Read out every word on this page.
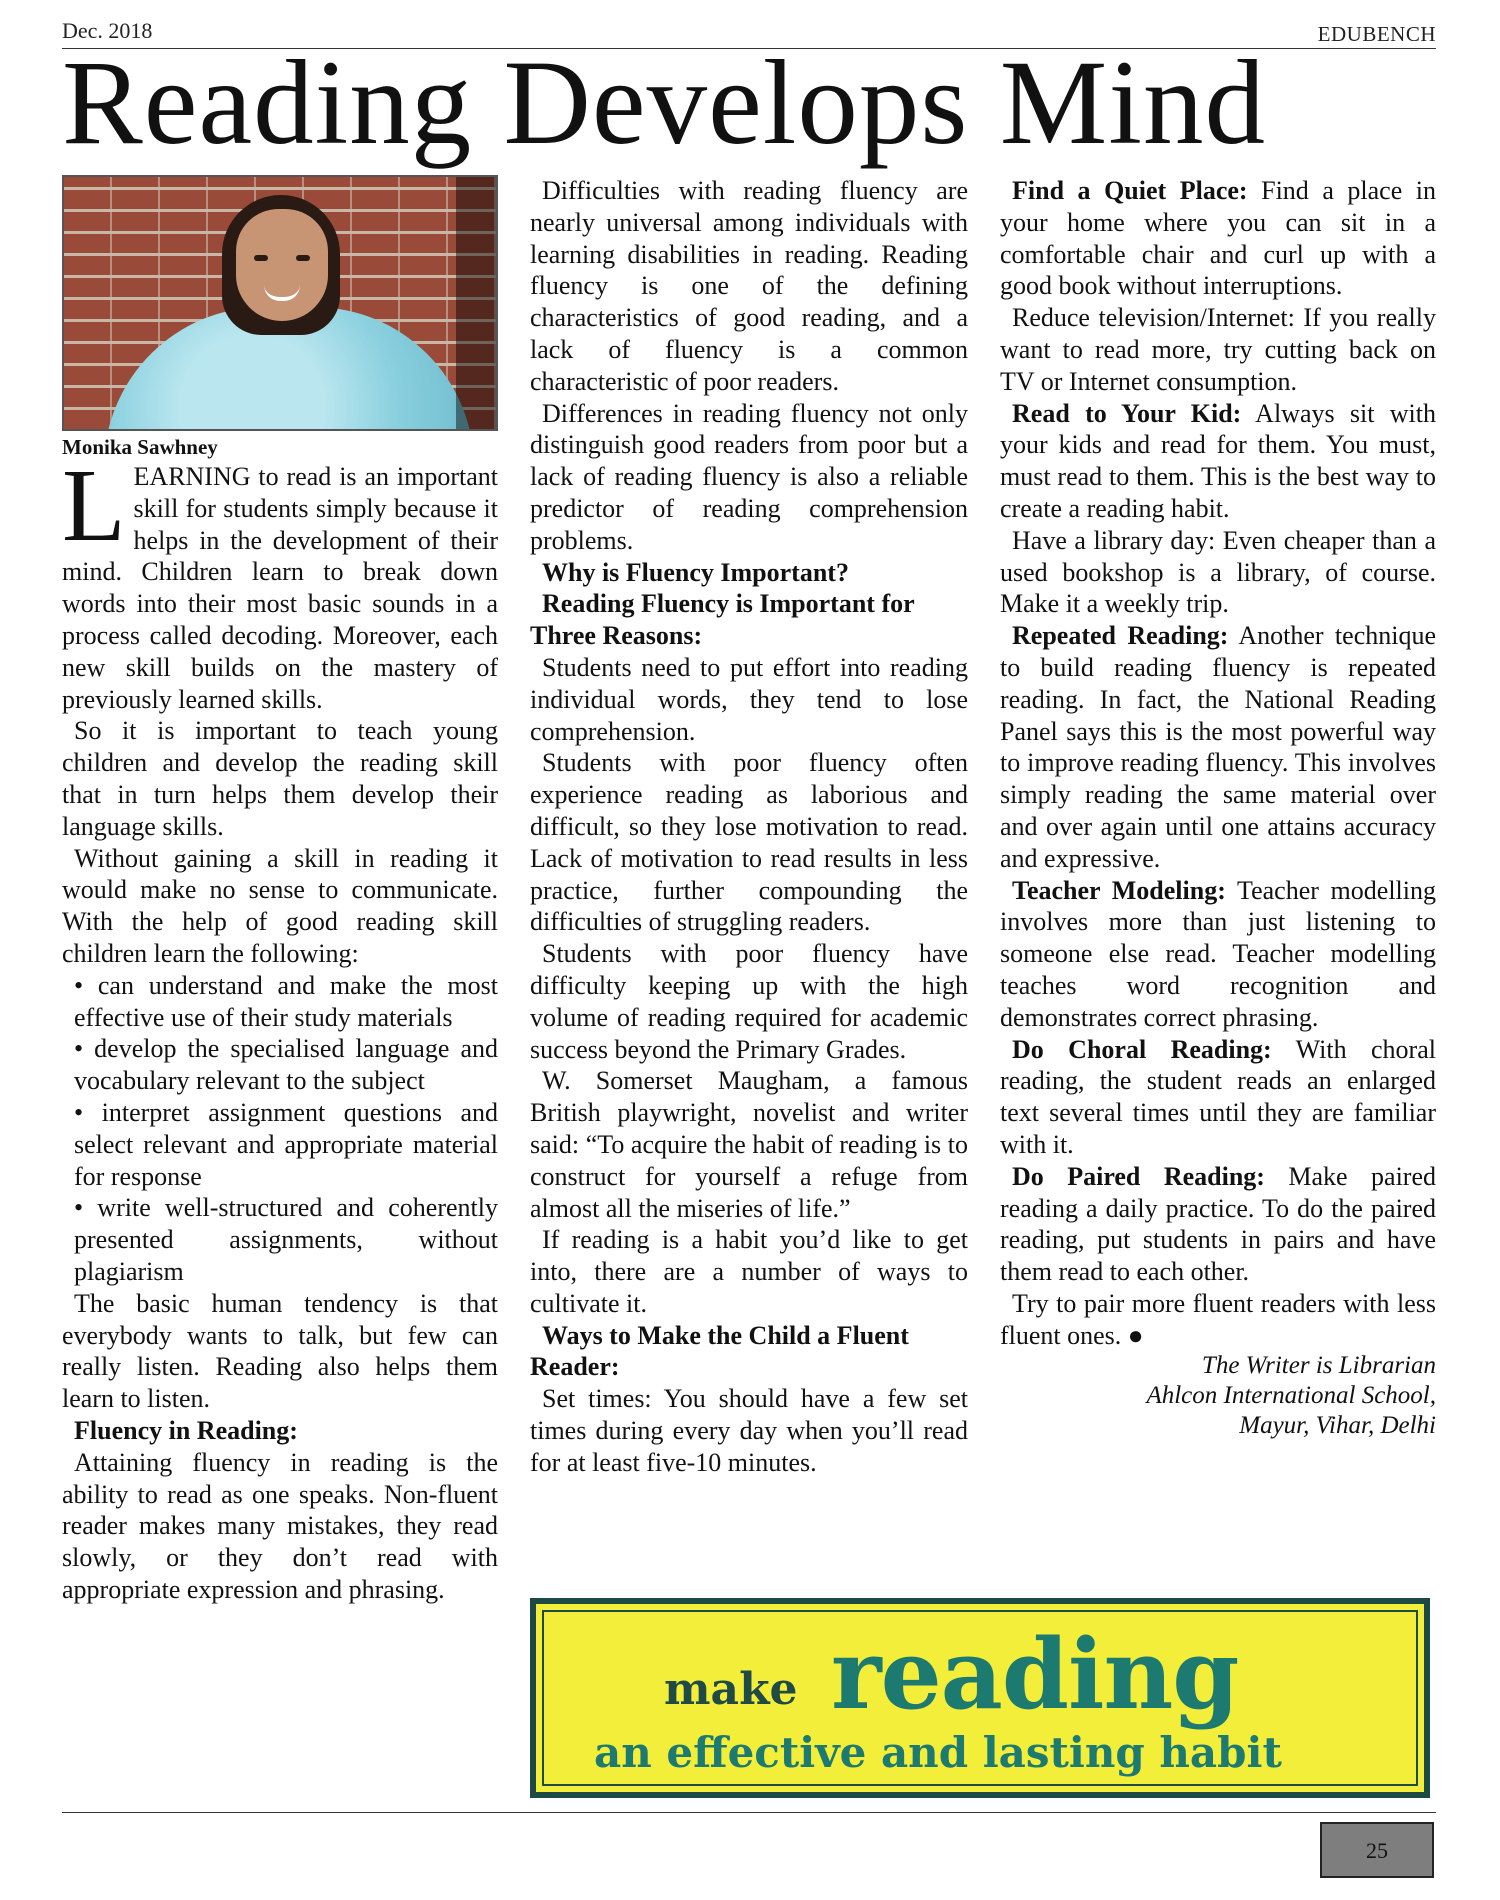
Dec. 2018	EDUBENCH
Reading Develops Mind
Monika Sawhney

LEARNING to read is an important skill for students simply because it helps in the development of their mind. Children learn to break down words into their most basic sounds in a process called decoding. Moreover, each new skill builds on the mastery of previously learned skills.

So it is important to teach young children and develop the reading skill that in turn helps them develop their language skills.

Without gaining a skill in reading it would make no sense to communicate. With the help of good reading skill children learn the following:

• can understand and make the most effective use of their study materials

• develop the specialised language and vocabulary relevant to the subject

• interpret assignment questions and select relevant and appropriate material for response

• write well-structured and coherently presented assignments, without plagiarism

The basic human tendency is that everybody wants to talk, but few can really listen. Reading also helps them learn to listen.

Fluency in Reading:

Attaining fluency in reading is the ability to read as one speaks. Non-fluent reader makes many mistakes, they read slowly, or they don’t read with appropriate expression and phrasing.

Difficulties with reading fluency are nearly universal among individuals with learning disabilities in reading. Reading fluency is one of the defining characteristics of good reading, and a lack of fluency is a common characteristic of poor readers.

Differences in reading fluency not only distinguish good readers from poor but a lack of reading fluency is also a reliable predictor of reading comprehension problems.

Why is Fluency Important?

Reading Fluency is Important for Three Reasons:

Students need to put effort into reading individual words, they tend to lose comprehension.

Students with poor fluency often experience reading as laborious and difficult, so they lose motivation to read. Lack of motivation to read results in less practice, further compounding the difficulties of struggling readers.

Students with poor fluency have difficulty keeping up with the high volume of reading required for academic success beyond the Primary Grades.

W. Somerset Maugham, a famous British playwright, novelist and writer said: “To acquire the habit of reading is to construct for yourself a refuge from almost all the miseries of life.”

If reading is a habit you’d like to get into, there are a number of ways to cultivate it.

Ways to Make the Child a Fluent Reader:

Set times: You should have a few set times during every day when you’ll read for at least five-10 minutes.

Find a Quiet Place: Find a place in your home where you can sit in a comfortable chair and curl up with a good book without interruptions.

Reduce television/Internet: If you really want to read more, try cutting back on TV or Internet consumption.

Read to Your Kid: Always sit with your kids and read for them. You must, must read to them. This is the best way to create a reading habit.

Have a library day: Even cheaper than a used bookshop is a library, of course. Make it a weekly trip.

Repeated Reading: Another technique to build reading fluency is repeated reading. In fact, the National Reading Panel says this is the most powerful way to improve reading fluency. This involves simply reading the same material over and over again until one attains accuracy and expressive.

Teacher Modeling: Teacher modelling involves more than just listening to someone else read. Teacher modelling teaches word recognition and demonstrates correct phrasing.

Do Choral Reading: With choral reading, the student reads an enlarged text several times until they are familiar with it.

Do Paired Reading: Make paired reading a daily practice. To do the paired reading, put students in pairs and have them read to each other.

Try to pair more fluent readers with less fluent ones. ●

The Writer is Librarian
Ahlcon International School,
Mayur, Vihar, Delhi
make reading
an effective and lasting habit
25
